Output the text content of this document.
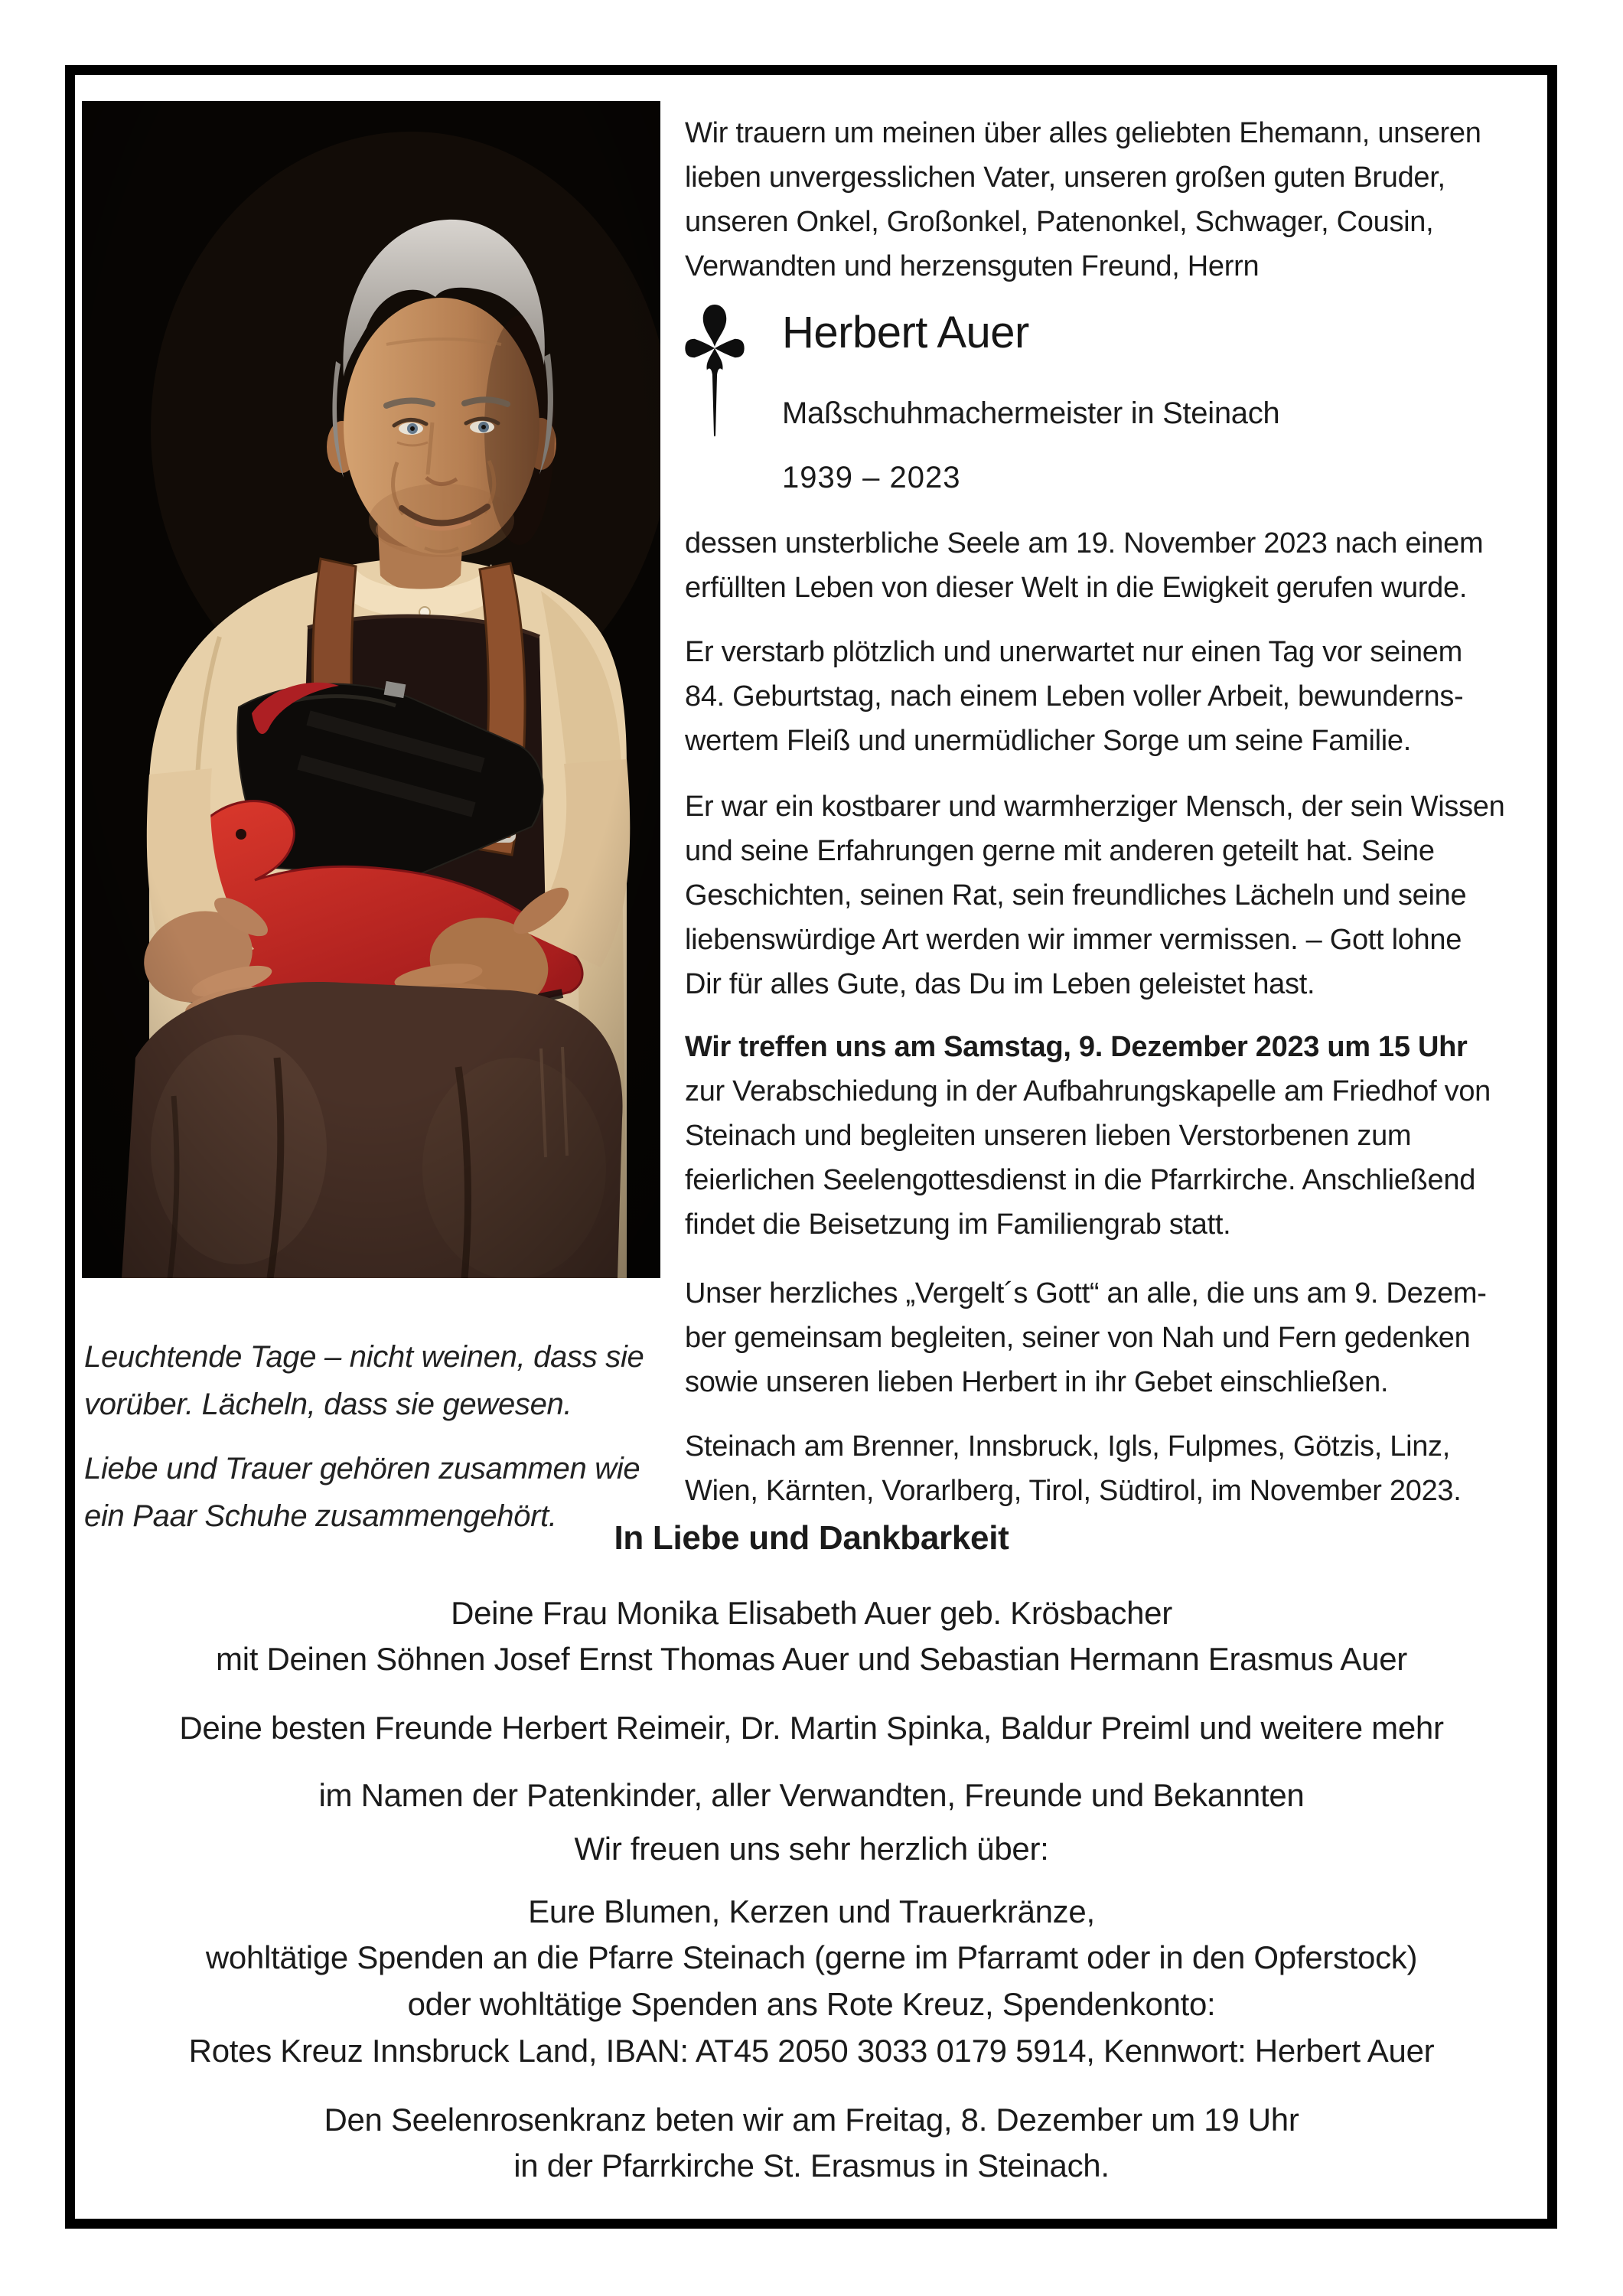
Wir trauern um meinen über alles geliebten Ehemann, unseren
lieben unvergesslichen Vater, unseren großen guten Bruder,
unseren Onkel, Großonkel, Patenonkel, Schwager, Cousin,
Verwandten und herzensguten Freund, Herrn
Herbert Auer
Maßschuhmachermeister in Steinach
1939 – 2023
dessen unsterbliche Seele am 19. November 2023 nach einem
erfüllten Leben von dieser Welt in die Ewigkeit gerufen wurde.
Er verstarb plötzlich und unerwartet nur einen Tag vor seinem
84. Geburtstag, nach einem Leben voller Arbeit, bewunderns-
wertem Fleiß und unermüdlicher Sorge um seine Familie.
Er war ein kostbarer und warmherziger Mensch, der sein Wissen
und seine Erfahrungen gerne mit anderen geteilt hat. Seine
Geschichten, seinen Rat, sein freundliches Lächeln und seine
liebenswürdige Art werden wir immer vermissen. – Gott lohne
Dir für alles Gute, das Du im Leben geleistet hast.
Wir treffen uns am Samstag, 9. Dezember 2023 um 15 Uhr
zur Verabschiedung in der Aufbahrungskapelle am Friedhof von
Steinach und begleiten unseren lieben Verstorbenen zum
feierlichen Seelengottesdienst in die Pfarrkirche. Anschließend
findet die Beisetzung im Familiengrab statt.
Unser herzliches „Vergelt´s Gott“ an alle, die uns am 9. Dezem-
ber gemeinsam begleiten, seiner von Nah und Fern gedenken
sowie unseren lieben Herbert in ihr Gebet einschließen.
Steinach am Brenner, Innsbruck, Igls, Fulpmes, Götzis, Linz,
Wien, Kärnten, Vorarlberg, Tirol, Südtirol, im November 2023.
Leuchtende Tage – nicht weinen, dass sie
vorüber. Lächeln, dass sie gewesen.
Liebe und Trauer gehören zusammen wie
ein Paar Schuhe zusammengehört.
In Liebe und Dankbarkeit
Deine Frau Monika Elisabeth Auer geb. Krösbacher
mit Deinen Söhnen Josef Ernst Thomas Auer und Sebastian Hermann Erasmus Auer
Deine besten Freunde Herbert Reimeir, Dr. Martin Spinka, Baldur Preiml und weitere mehr
im Namen der Patenkinder, aller Verwandten, Freunde und Bekannten
Wir freuen uns sehr herzlich über:
Eure Blumen, Kerzen und Trauerkränze,
wohltätige Spenden an die Pfarre Steinach (gerne im Pfarramt oder in den Opferstock)
oder wohltätige Spenden ans Rote Kreuz, Spendenkonto:
Rotes Kreuz Innsbruck Land, IBAN: AT45 2050 3033 0179 5914, Kennwort: Herbert Auer
Den Seelenrosenkranz beten wir am Freitag, 8. Dezember um 19 Uhr
in der Pfarrkirche St. Erasmus in Steinach.
